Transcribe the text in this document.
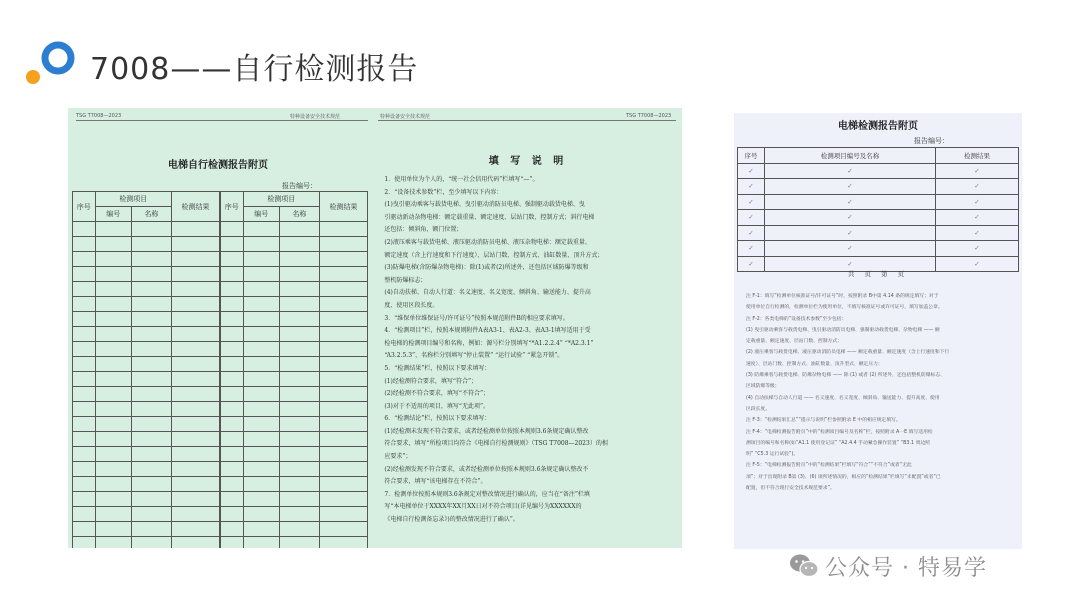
7008——自行检测报告
TSG T7008—2023	特种设备安全技术规范	特种设备安全技术规范	TSG T7008—2023
电梯自行检测报告附页
报告编号：
序号	检测项目		检测结果
	编号	名称	

序号	检测项目		检测结果
	编号	名称	

填 写 说 明

1．使用单位为个人的，“统一社会信用代码”栏填写“—”。

2．“设备技术参数”栏，至少填写以下内容：

(1)曳引驱动乘客与载货电梯、曳引驱动消防员电梯、强制驱动载货电梯、曳

引驱动新动杂物电梯：额定载重量、额定速度、层站门数、控制方式；斜行电梯

还包括：倾斜角、额门位置；

(2)液压乘客与载货电梯、液压驱动消防员电梯、液压杂物电梯：额定载重量、

额定速度（含上行速度和下行速度）、层站门数、控制方式、油缸数量、顶升方式；

(3)防爆电梯(含防爆杂物电梯)：除(1)或者(2)所述外，还包括区域防爆等级和

整机防爆标志；

(4)自动扶梯、自动人行道：名义速度、名义宽度、倾斜角、输送能力、提升高

度、使用区段长度。

3．“维保单位维保证号/许可证号”按照本规范附件B的相应要求填写。

4．“检测项目”栏，按照本规则附件A表A3-1、表A2-3、表A3-1填写适用于受

检电梯的检测项目编号和名称，例如：源号栏分别填写“*A1.2.2.4” “*A2.3.1”

“A3.2.5.3”，名称栏分别填写“停止装置” “运行试验” “紧急开锁”。

5．“检测结果”栏，按照以下要求填写：

(1)经检测符合要求，填写“符合”；

(2)经检测不符合要求，填写“不符合”；

(3)对于不适用的项目，填写“无此项”。

6．“检测结论”栏，按照以下要求填写：

(1)经检测未发现不符合要求，或者经检测单位按照本规则3.6条规定确认整改

符合要求，填写“所检项目均符合《电梯自行检测规则》（TSG T7008—2023）的相

应要求”；

(2)经检测发现不符合要求，或者经检测单位按照本规则3.6条规定确认整改不

符合要求，填写“该电梯存在不符合”。

7．检测单位按照本规则3.6条规定对整改情况进行确认的，应当在“备注”栏填

写“本电梯单位于XXXX年XX月XX日对不符合项目(详见编号为XXXXXX的

《电梯自行检测备忘录》)的整改情况进行了确认”。

电梯检测报告附页
报告编号：
序号	检测项目编号及名称	检测结果
✓	✓	✓
✓	✓	✓
✓	✓	✓
✓	✓	✓
✓	✓	✓
✓	✓	✓
✓	✓	✓
共 页 第 页

注 F-1：填写“检测单位核准证号/许可证号”时，按照附录 B中第 4.14 条的规定填写；对于

使用单位自行检测的，检测单位栏为使用单位，不填写核准证号或许可证号，填写加盖公章。

注 F-2：各类电梯的“设备技术参数”至少包括：

(1) 曳引驱动乘客与载货电梯、曳引驱动消防员电梯、强制驱动载货电梯、杂物电梯 —— 额

定载重量、额定速度、层站门数、控制方式；

(2) 液压乘客与载货电梯、液压驱动消防员电梯 —— 额定载重量、额定速度（含上行速度和下行

速度）、层站门数、控制方式、油缸数量、顶升型式、额定压力；

(3) 防爆乘客与载货电梯、防爆杂物电梯 —— 除 (1) 或者 (2) 所述外，还包括整机防爆标志、

区域防爆等级；

(4) 自动扶梯与自动人行道 —— 名义速度、名义宽度、倾斜角、输送能力、提升高度、使用

区段长度。

注 F-3：“检测结果汇总”“提示与说明”栏参照附录 E 中的相应规定填写。

注 F-4：“电梯检测报告附页”中的“检测项目编号及名称”栏，按照附录 A一E 填写适用检

测项目的编号和名称(如“A1.1 使用登记证” “A2.4.4 手动紧急操作装置” “B3.1 周边照

明” “C5.3 运行试验”)。

注 F-5：“电梯检测报告附页”中的“检测结果”栏填写“符合”“不符合”或者“无此

项”；对于出现附录 B第 (3)、(6) 项所述情况的，相应的“检测结果”栏填写“未配置”或者“已

配置，但不符合现行安全技术规范要求”。

公众号 · 特易学
